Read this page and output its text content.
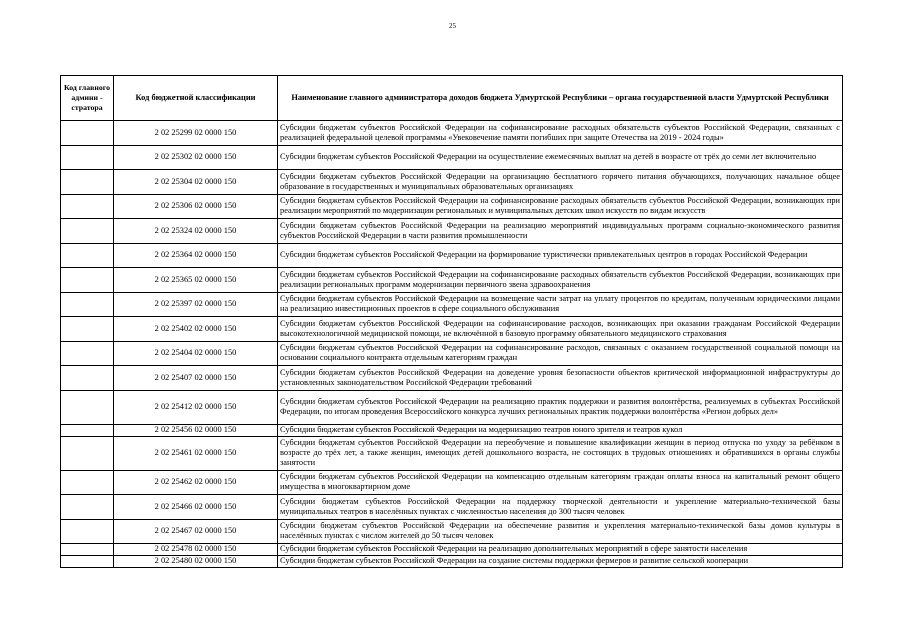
25
Код главного админи - стратора	Код бюджетной классификации	Наименование главного администратора доходов бюджета Удмуртской Республики – органа государственной власти Удмуртской Республики
	2 02 25299 02 0000 150	Субсидии бюджетам субъектов Российской Федерации на софинансирование расходных обязательств субъектов Российской Федерации, связанных с реализацией федеральной целевой программы «Увековечение памяти погибших при защите Отечества на 2019 - 2024 годы»
	2 02 25302 02 0000 150	Субсидии бюджетам субъектов Российской Федерации на осуществление ежемесячных выплат на детей в возрасте от трёх до семи лет включительно
	2 02 25304 02 0000 150	Субсидии бюджетам субъектов Российской Федерации на организацию бесплатного горячего питания обучающихся, получающих начальное общее образование в государственных и муниципальных образовательных организациях
	2 02 25306 02 0000 150	Субсидии бюджетам субъектов Российской Федерации на софинансирование расходных обязательств субъектов Российской Федерации, возникающих при реализации мероприятий по модернизации региональных и муниципальных детских школ искусств по видам искусств
	2 02 25324 02 0000 150	Субсидии бюджетам субъектов Российской Федерации на реализацию мероприятий индивидуальных программ социально-экономического развития субъектов Российской Федерации в части развития промышленности
	2 02 25364 02 0000 150	Субсидии бюджетам субъектов Российской Федерации на формирование туристически привлекательных центров в городах Российской Федерации
	2 02 25365 02 0000 150	Субсидии бюджетам субъектов Российской Федерации на софинансирование расходных обязательств субъектов Российской Федерации, возникающих при реализации региональных программ модернизации первичного звена здравоохранения
	2 02 25397 02 0000 150	Субсидии бюджетам субъектов Российской Федерации на возмещение части затрат на уплату процентов по кредитам, полученным юридическими лицами на реализацию инвестиционных проектов в сфере социального обслуживания
	2 02 25402 02 0000 150	Субсидии бюджетам субъектов Российской Федерации на софинансирование расходов, возникающих при оказании гражданам Российской Федерации высокотехнологичной медицинской помощи, не включённой в базовую программу обязательного медицинского страхования
	2 02 25404 02 0000 150	Субсидии бюджетам субъектов Российской Федерации на софинансирование расходов, связанных с оказанием государственной социальной помощи на основании социального контракта отдельным категориям граждан
	2 02 25407 02 0000 150	Субсидии бюджетам субъектов Российской Федерации на доведение уровня безопасности объектов критической информационной инфраструктуры до установленных законодательством Российской Федерации требований
	2 02 25412 02 0000 150	Субсидии бюджетам субъектов Российской Федерации на реализацию практик поддержки и развития волонтёрства, реализуемых в субъектах Российской Федерации, по итогам проведения Всероссийского конкурса лучших региональных практик поддержки волонтёрства «Регион добрых дел»
	2 02 25456 02 0000 150	Субсидии бюджетам субъектов Российской Федерации на модернизацию театров юного зрителя и театров кукол
	2 02 25461 02 0000 150	Субсидии бюджетам субъектов Российской Федерации на переобучение и повышение квалификации женщин в период отпуска по уходу за ребёнком в возрасте до трёх лет, а также женщин, имеющих детей дошкольного возраста, не состоящих в трудовых отношениях и обратившихся в органы службы занятости
	2 02 25462 02 0000 150	Субсидии бюджетам субъектов Российской Федерации на компенсацию отдельным категориям граждан оплаты взноса на капитальный ремонт общего имущества в многоквартирном доме
	2 02 25466 02 0000 150	Субсидии бюджетам субъектов Российской Федерации на поддержку творческой деятельности и укрепление материально-технической базы муниципальных театров в населённых пунктах с численностью населения до 300 тысяч человек
	2 02 25467 02 0000 150	Субсидии бюджетам субъектов Российской Федерации на обеспечение развития и укрепления материально-технической базы домов культуры в населённых пунктах с числом жителей до 50 тысяч человек
	2 02 25478 02 0000 150	Субсидии бюджетам субъектов Российской Федерации на реализацию дополнительных мероприятий в сфере занятости населения
	2 02 25480 02 0000 150	Субсидии бюджетам субъектов Российской Федерации на создание системы поддержки фермеров и развитие сельской кооперации
